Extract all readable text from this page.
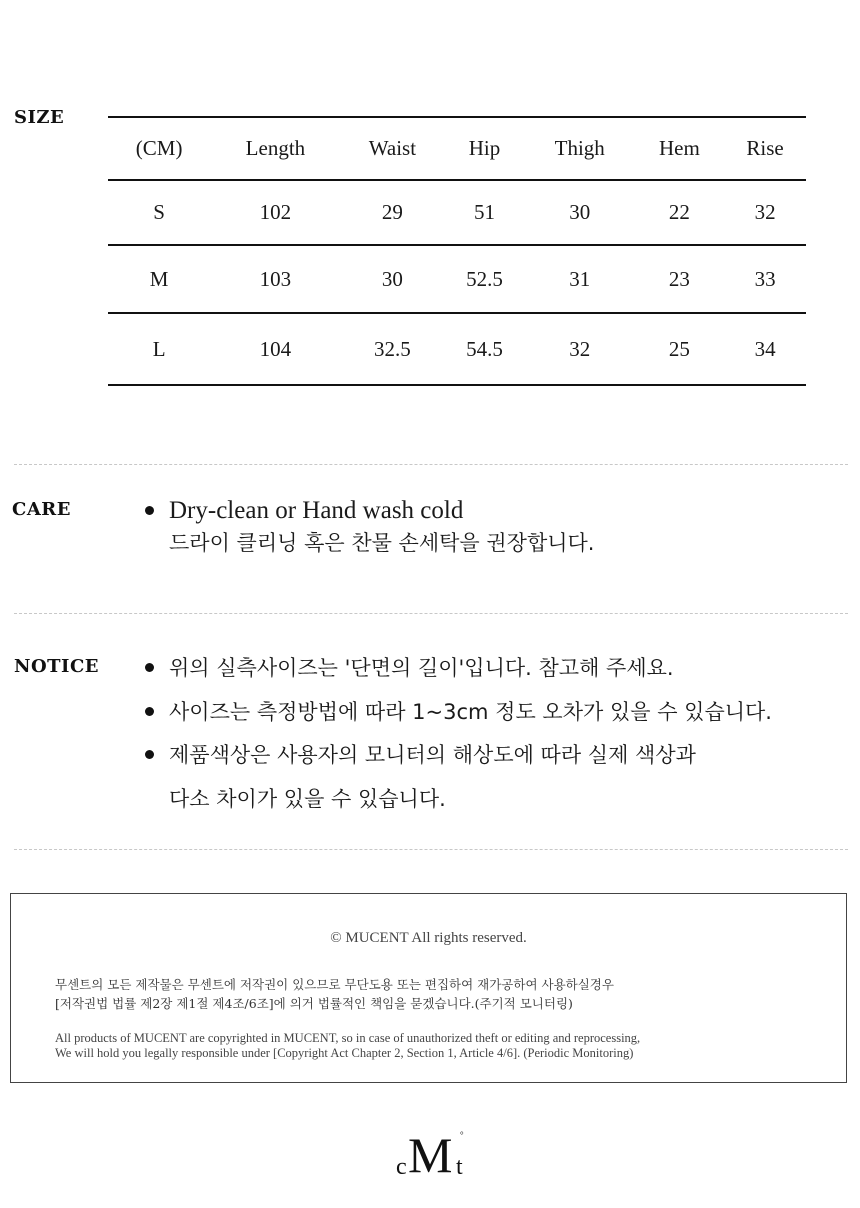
SIZE
(CM)	Length	Waist	Hip	Thigh	Hem	Rise
S	102	29	51	30	22	32
M	103	30	52.5	31	23	33
L	104	32.5	54.5	32	25	34
CARE	Dry-clean or Hand wash cold
드라이 클리닝 혹은 찬물 손세탁을 권장합니다.
NOTICE	위의 실측사이즈는 '단면의 길이'입니다. 참고해 주세요.
사이즈는 측정방법에 따라 1~3cm 정도 오차가 있을 수 있습니다.
제품색상은 사용자의 모니터의 해상도에 따라 실제 색상과
다소 차이가 있을 수 있습니다.
© MUCENT All rights reserved.
무센트의 모든 제작물은 무센트에 저작권이 있으므로 무단도용 또는 편집하여 재가공하여 사용하실경우
[저작권법 법률 제2장 제1절 제4조/6조]에 의거 법률적인 책임을 묻겠습니다.(주기적 모니터링)
All products of MUCENT are copyrighted in MUCENT, so in case of unauthorized theft or editing and reprocessing,
We will hold you legally responsible under [Copyright Act Chapter 2, Section 1, Article 4/6]. (Periodic Monitoring)
c M t
°
